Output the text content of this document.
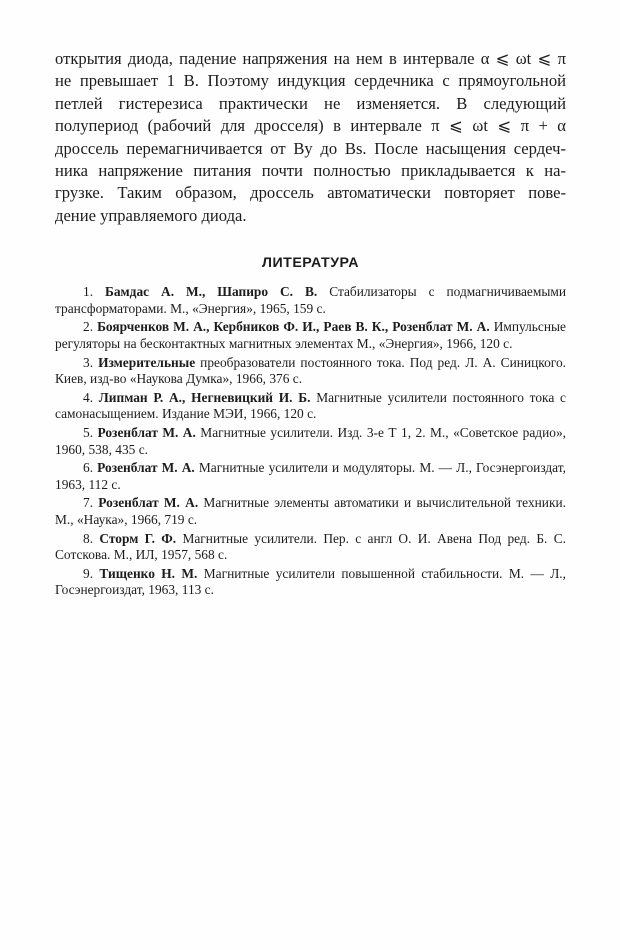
открытия диода, падение напряжения на нем в интервале α ⩽ ωt ⩽ π
не превышает 1 В. Поэтому индукция сердечника с прямоугольной
петлей гистерезиса практически не изменяется. В следующий
полупериод (рабочий для дросселя) в интервале π ⩽ ωt ⩽ π + α
дроссель перемагничивается от By до Bs. После насыщения сердеч-
ника напряжение питания почти полностью прикладывается к на-
грузке. Таким образом, дроссель автоматически повторяет пове-
дение управляемого диода.

ЛИТЕРАТУРА
1. Бамдас А. М., Шапиро С. В. Стабилизаторы с подмагничиваемыми трансформаторами. М., «Энергия», 1965, 159 с.
2. Боярченков М. А., Кербников Ф. И., Раев В. К., Розенблат М. А. Импульсные регуляторы на бесконтактных магнитных элементах М., «Энергия», 1966, 120 с.
3. Измерительные преобразователи постоянного тока. Под ред. Л. А. Синицкого. Киев, изд-во «Наукова Думка», 1966, 376 с.
4. Липман Р. А., Негневицкий И. Б. Магнитные усилители постоянного тока с самонасыщением. Издание МЭИ, 1966, 120 с.
5. Розенблат М. А. Магнитные усилители. Изд. 3-е Т 1, 2. М., «Советское радио», 1960, 538, 435 с.
6. Розенблат М. А. Магнитные усилители и модуляторы. М. — Л., Госэнергоиздат, 1963, 112 с.
7. Розенблат М. А. Магнитные элементы автоматики и вычислительной техники. М., «Наука», 1966, 719 с.
8. Сторм Г. Ф. Магнитные усилители. Пер. с англ О. И. Авена Под ред. Б. С. Сотскова. М., ИЛ, 1957, 568 с.
9. Тищенко Н. М. Магнитные усилители повышенной стабильности. М. — Л., Госэнергоиздат, 1963, 113 с.
